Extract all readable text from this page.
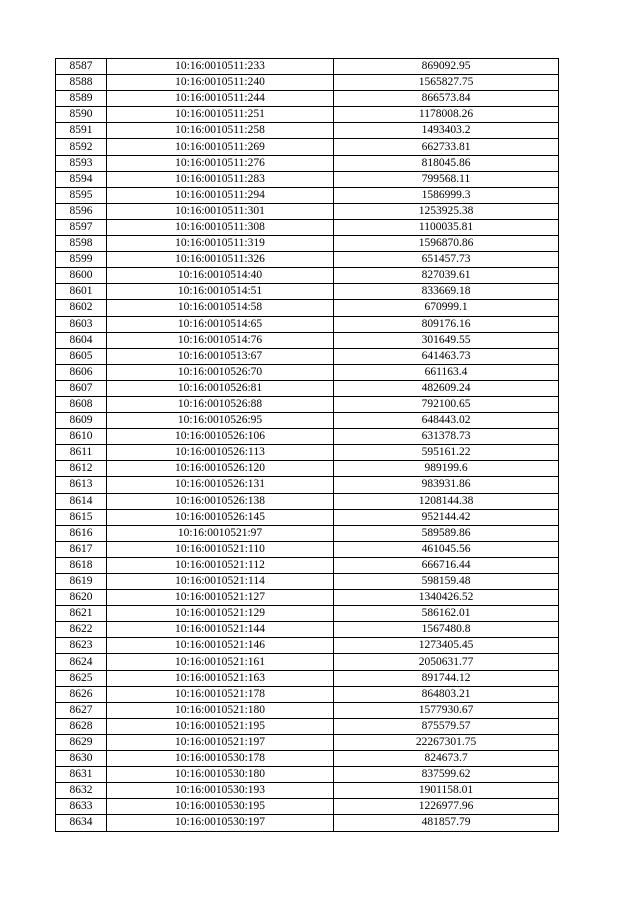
8587	10:16:0010511:233	869092.95
8588	10:16:0010511:240	1565827.75
8589	10:16:0010511:244	866573.84
8590	10:16:0010511:251	1178008.26
8591	10:16:0010511:258	1493403.2
8592	10:16:0010511:269	662733.81
8593	10:16:0010511:276	818045.86
8594	10:16:0010511:283	799568.11
8595	10:16:0010511:294	1586999.3
8596	10:16:0010511:301	1253925.38
8597	10:16:0010511:308	1100035.81
8598	10:16:0010511:319	1596870.86
8599	10:16:0010511:326	651457.73
8600	10:16:0010514:40	827039.61
8601	10:16:0010514:51	833669.18
8602	10:16:0010514:58	670999.1
8603	10:16:0010514:65	809176.16
8604	10:16:0010514:76	301649.55
8605	10:16:0010513:67	641463.73
8606	10:16:0010526:70	661163.4
8607	10:16:0010526:81	482609.24
8608	10:16:0010526:88	792100.65
8609	10:16:0010526:95	648443.02
8610	10:16:0010526:106	631378.73
8611	10:16:0010526:113	595161.22
8612	10:16:0010526:120	989199.6
8613	10:16:0010526:131	983931.86
8614	10:16:0010526:138	1208144.38
8615	10:16:0010526:145	952144.42
8616	10:16:0010521:97	589589.86
8617	10:16:0010521:110	461045.56
8618	10:16:0010521:112	666716.44
8619	10:16:0010521:114	598159.48
8620	10:16:0010521:127	1340426.52
8621	10:16:0010521:129	586162.01
8622	10:16:0010521:144	1567480.8
8623	10:16:0010521:146	1273405.45
8624	10:16:0010521:161	2050631.77
8625	10:16:0010521:163	891744.12
8626	10:16:0010521:178	864803.21
8627	10:16:0010521:180	1577930.67
8628	10:16:0010521:195	875579.57
8629	10:16:0010521:197	22267301.75
8630	10:16:0010530:178	824673.7
8631	10:16:0010530:180	837599.62
8632	10:16:0010530:193	1901158.01
8633	10:16:0010530:195	1226977.96
8634	10:16:0010530:197	481857.79
